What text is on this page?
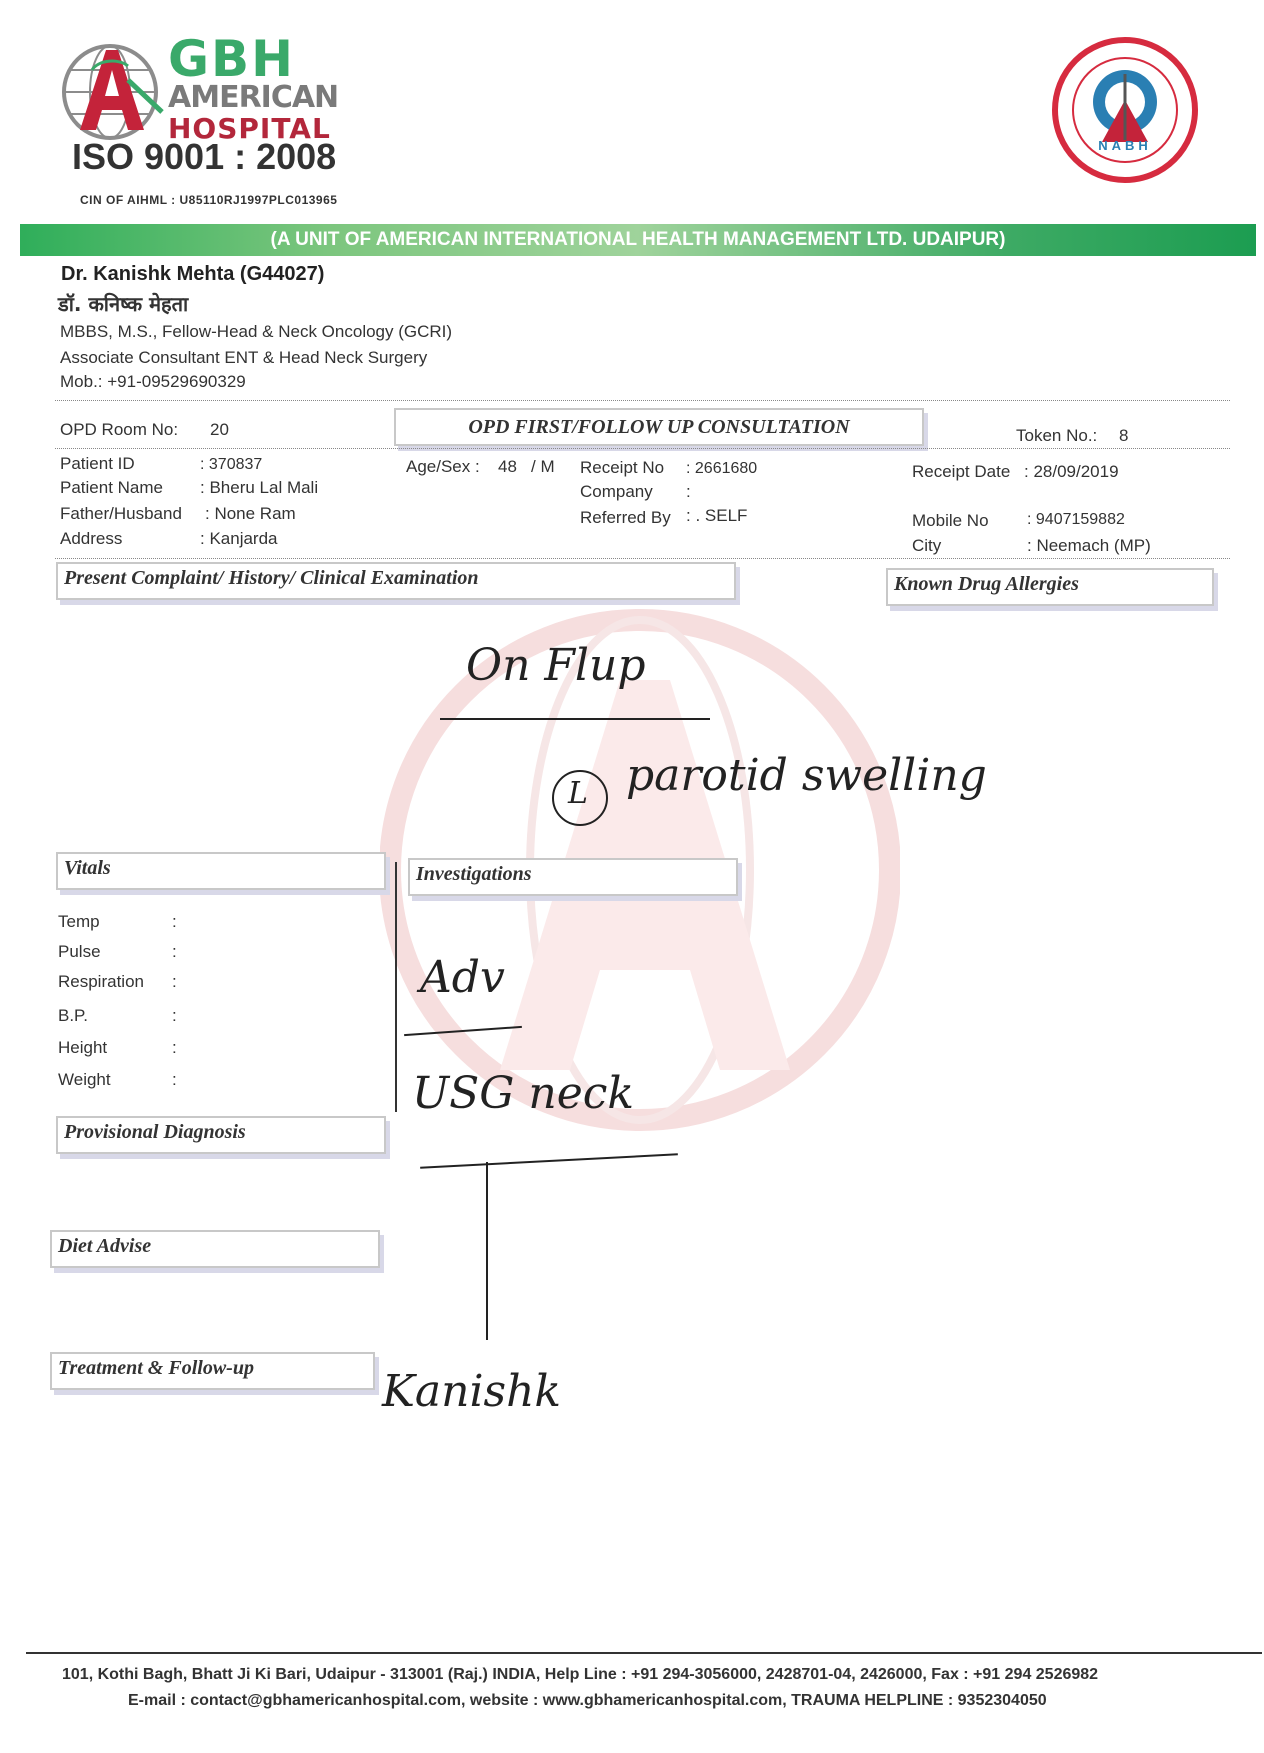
GBH
AMERICAN
HOSPITAL
ISO 9001 : 2008
CIN OF AIHML : U85110RJ1997PLC013965
NABH
(A UNIT OF AMERICAN INTERNATIONAL HEALTH MANAGEMENT LTD. UDAIPUR)
Dr. Kanishk Mehta (G44027)
डॉ. कनिष्क मेहता
MBBS, M.S., Fellow-Head & Neck Oncology (GCRI)
Associate Consultant ENT & Head Neck Surgery
Mob.: +91-09529690329
OPD Room No: 20	OPD FIRST/FOLLOW UP CONSULTATION	Token No.: 8
Patient ID	: 370837
Patient Name : Bheru Lal Mali
Father/Husband : None Ram
Address	: Kanjarda
Age/Sex : 48 / M Receipt No : 2661680
Company :
Referred By : . SELF
Receipt Date : 28/09/2019
Mobile No : 9407159882
City	: Neemach (MP)
Present Complaint/ History/ Clinical Examination	Known Drug Allergies
On Flup
L parotid swelling
Vitals
Temp	:
Pulse	:
Respiration :
B.P.	:
Height	:
Weight	:
Investigations
Adv
USG neck
Provisional Diagnosis
Diet Advise
Treatment & Follow-up	Kanishk
101, Kothi Bagh, Bhatt Ji Ki Bari, Udaipur - 313001 (Raj.) INDIA, Help Line : +91 294-3056000, 2428701-04, 2426000, Fax : +91 294 2526982
E-mail : contact@gbhamericanhospital.com, website : www.gbhamericanhospital.com, TRAUMA HELPLINE : 9352304050
